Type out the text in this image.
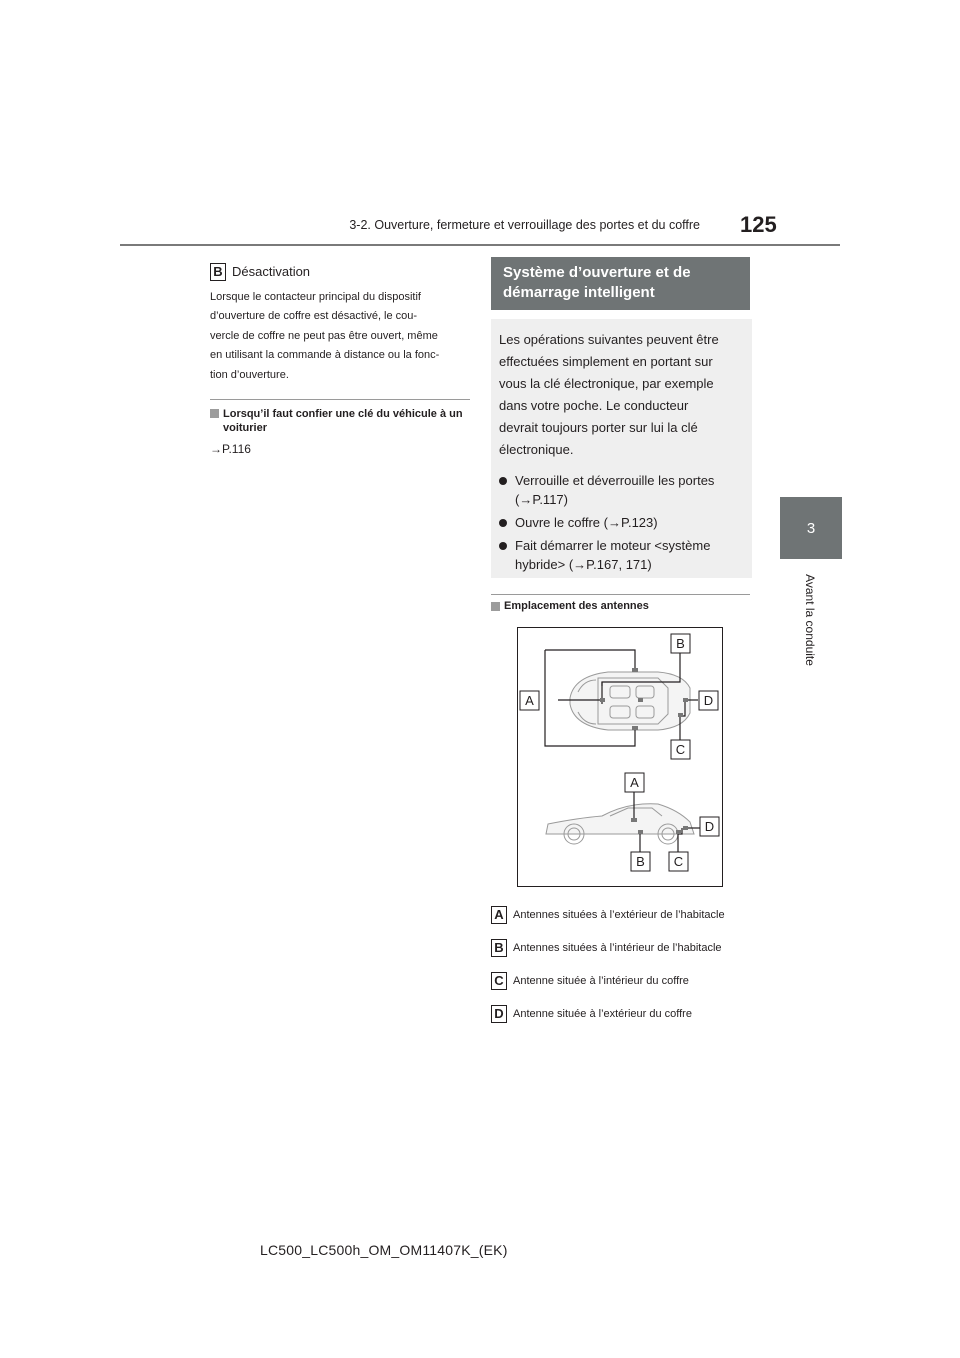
3-2. Ouverture, fermeture et verrouillage des portes et du coffre 125
3
Avant la conduite
B Désactivation

Lorsque le contacteur principal du dispositif

d’ouverture de coffre est désactivé, le cou-

vercle de coffre ne peut pas être ouvert, même

en utilisant la commande à distance ou la fonc-

tion d’ouverture.

Lorsqu’il faut confier une clé du véhicule à un voiturier
→P.116
Système d’ouverture et de démarrage intelligent

Les opérations suivantes peuvent être

effectuées simplement en portant sur

vous la clé électronique, par exemple

dans votre poche. Le conducteur

devrait toujours porter sur lui la clé

électronique.

Verrouille et déverrouille les portes (→P.117)
Ouvre le coffre (→P.123)
Fait démarrer le moteur <système hybride> (→P.167, 171)
Emplacement des antennes
B
A	D
C
A
D
B C
A Antennes situées à l’extérieur de l’habitacle
B Antennes situées à l’intérieur de l’habitacle
C Antenne située à l’intérieur du coffre
D Antenne située à l’extérieur du coffre
LC500_LC500h_OM_OM11407K_(EK)
